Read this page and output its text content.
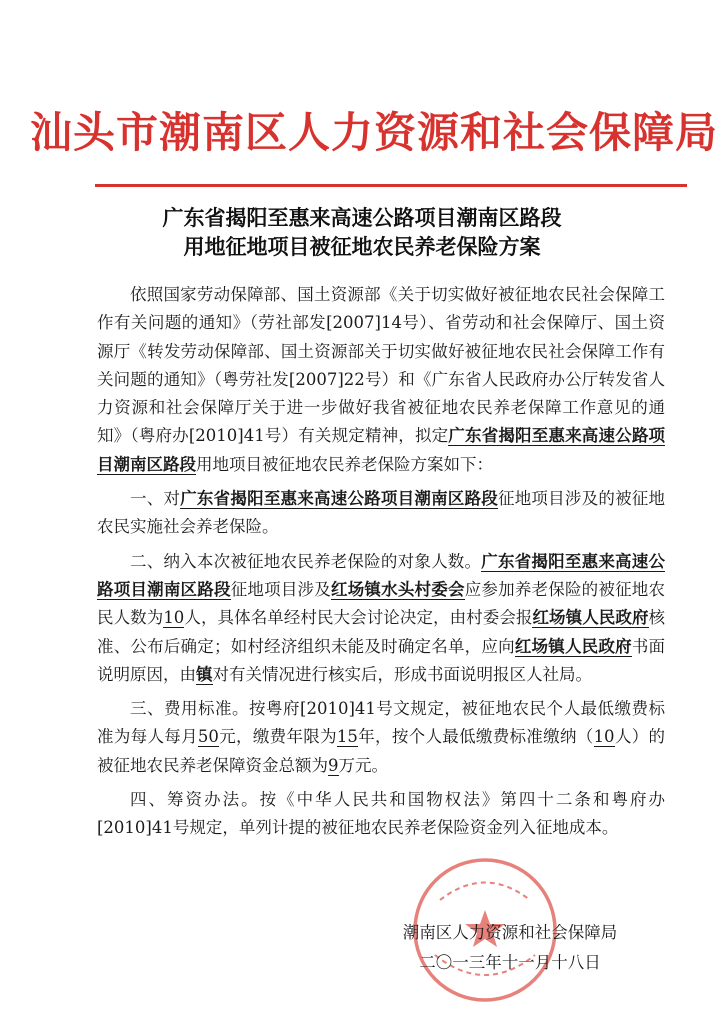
汕头市潮南区人力资源和社会保障局
广东省揭阳至惠来高速公路项目潮南区路段
用地征地项目被征地农民养老保险方案

依照国家劳动保障部、国土资源部《关于切实做好被征地农民社会保障工作有关问题的通知》（劳社部发[2007]14号）、省劳动和社会保障厅、国土资源厅《转发劳动保障部、国土资源部关于切实做好被征地农民社会保障工作有关问题的通知》（粤劳社发[2007]22号）和《广东省人民政府办公厅转发省人力资源和社会保障厅关于进一步做好我省被征地农民养老保障工作意见的通知》（粤府办[2010]41号）有关规定精神，拟定广东省揭阳至惠来高速公路项目潮南区路段用地项目被征地农民养老保险方案如下：

一、对广东省揭阳至惠来高速公路项目潮南区路段征地项目涉及的被征地农民实施社会养老保险。

二、纳入本次被征地农民养老保险的对象人数。广东省揭阳至惠来高速公路项目潮南区路段征地项目涉及红场镇水头村委会应参加养老保险的被征地农民人数为10人，具体名单经村民大会讨论决定，由村委会报红场镇人民政府核准、公布后确定；如村经济组织未能及时确定名单，应向红场镇人民政府书面说明原因，由镇对有关情况进行核实后，形成书面说明报区人社局。

三、费用标准。按粤府[2010]41号文规定，被征地农民个人最低缴费标准为每人每月50元，缴费年限为15年，按个人最低缴费标准缴纳（10人）的被征地农民养老保障资金总额为9万元。

四、筹资办法。按《中华人民共和国物权法》第四十二条和粤府办[2010]41号规定，单列计提的被征地农民养老保险资金列入征地成本。

潮南区人力资源和社会保障局
二〇一三年十一月十八日
